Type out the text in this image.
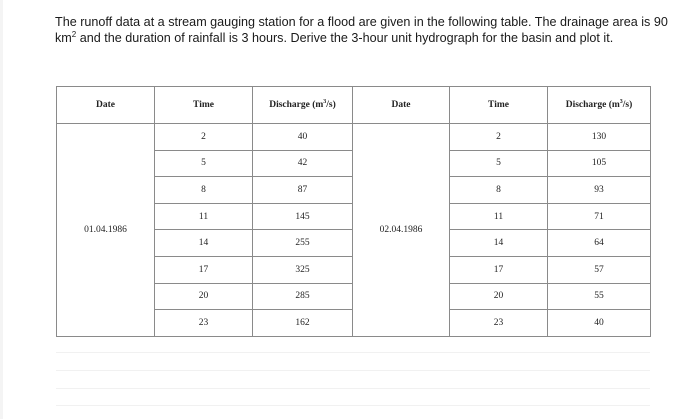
The runoff data at a stream gauging station for a flood are given in the following table. The drainage area is 90 $km^2$ and the duration of rainfall is 3 hours. Derive the 3-hour unit hydrograph for the basin and plot it.

Date	Time	Discharge $(m^3/s)$	Date	Time	Discharge $(m^3/s)$
01.04.1986	2	40	02.04.1986	2	130
	5	42		5	105
	8	87		8	93
	11	145		11	71
	14	255		14	64
	17	325		17	57
	20	285		20	55
	23	162		23	40
